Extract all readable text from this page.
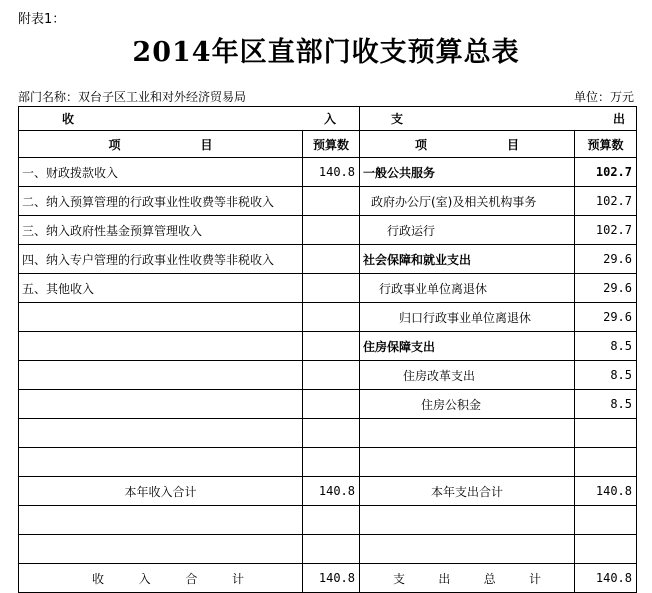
附表1：
2014年区直部门收支预算总表
部门名称：双台子区工业和对外经济贸易局	单位：万元
收 入		支 出	

项 目	预算数	项 目	预算数
一、财政拨款收入	140.8	一般公共服务	102.7
二、纳入预算管理的行政事业性收费等非税收入		政府办公厅(室)及相关机构事务	102.7
三、纳入政府性基金预算管理收入		行政运行	102.7
四、纳入专户管理的行政事业性收费等非税收入		社会保障和就业支出	29.6
五、其他收入		行政事业单位离退休	29.6
		归口行政事业单位离退休	29.6
		住房保障支出	8.5
		住房改革支出	8.5
		住房公积金	8.5

本年收入合计	140.8	本年支出合计	140.8

收 入 合 计	140.8	支 出 总 计	140.8
